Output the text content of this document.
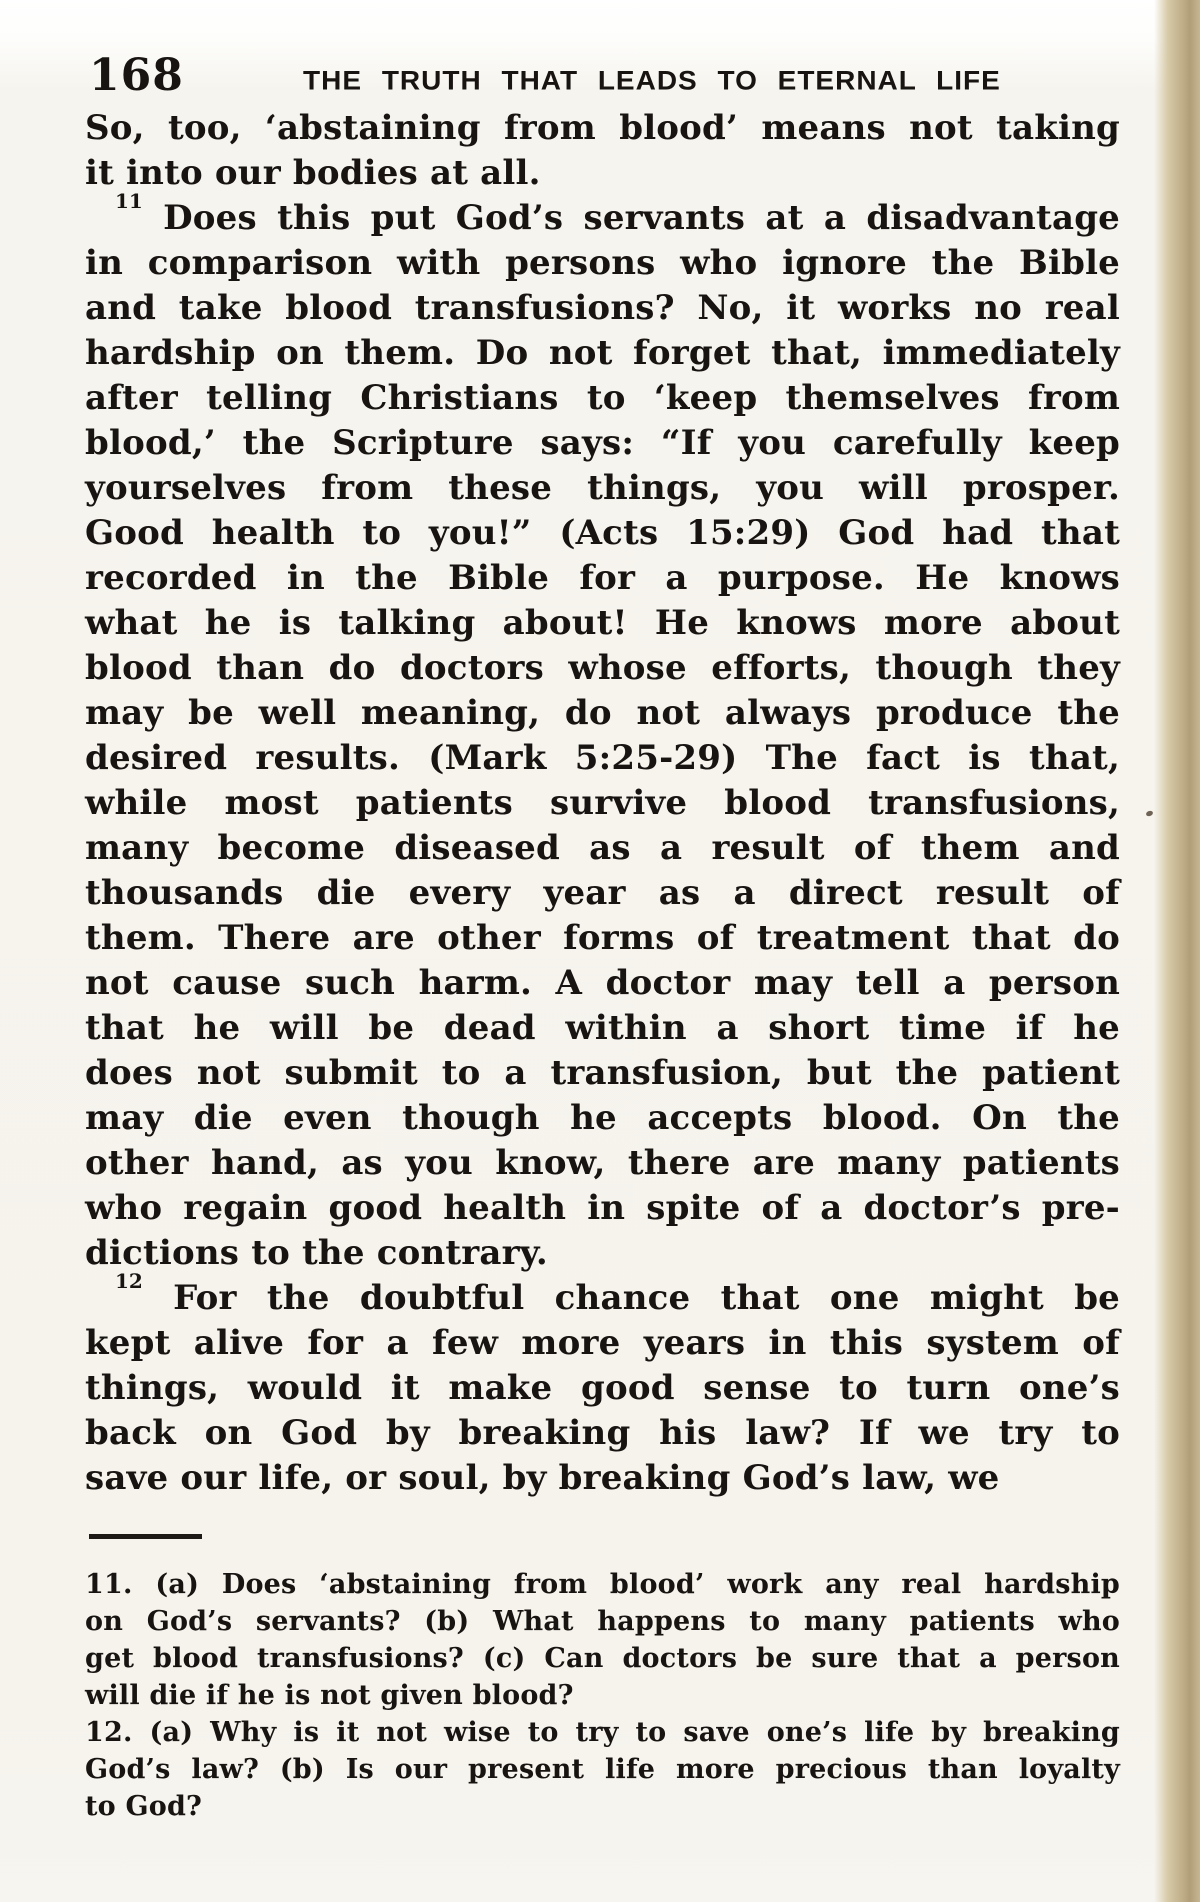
168	THE TRUTH THAT LEADS TO ETERNAL LIFE
So, too, ‘abstaining from blood’ means not taking
it into our bodies at all.
$^{11}$ Does this put God’s servants at a disadvantage
in comparison with persons who ignore the Bible
and take blood transfusions? No, it works no real
hardship on them. Do not forget that, immediately
after telling Christians to ‘keep themselves from
blood,’ the Scripture says: “If you carefully keep
yourselves from these things, you will prosper.
Good health to you!” (Acts 15:29) God had that
recorded in the Bible for a purpose. He knows
what he is talking about! He knows more about
blood than do doctors whose efforts, though they
may be well meaning, do not always produce the
desired results. (Mark 5:25-29) The fact is that,
while most patients survive blood transfusions,
many become diseased as a result of them and
thousands die every year as a direct result of
them. There are other forms of treatment that do
not cause such harm. A doctor may tell a person
that he will be dead within a short time if he
does not submit to a transfusion, but the patient
may die even though he accepts blood. On the
other hand, as you know, there are many patients
who regain good health in spite of a doctor’s pre-
dictions to the contrary.
$^{12}$ For the doubtful chance that one might be
kept alive for a few more years in this system of
things, would it make good sense to turn one’s
back on God by breaking his law? If we try to
save our life, or soul, by breaking God’s law, we
11. (a) Does ‘abstaining from blood’ work any real hardship
on God’s servants? (b) What happens to many patients who
get blood transfusions? (c) Can doctors be sure that a person
will die if he is not given blood?
12. (a) Why is it not wise to try to save one’s life by breaking
God’s law? (b) Is our present life more precious than loyalty
to God?
